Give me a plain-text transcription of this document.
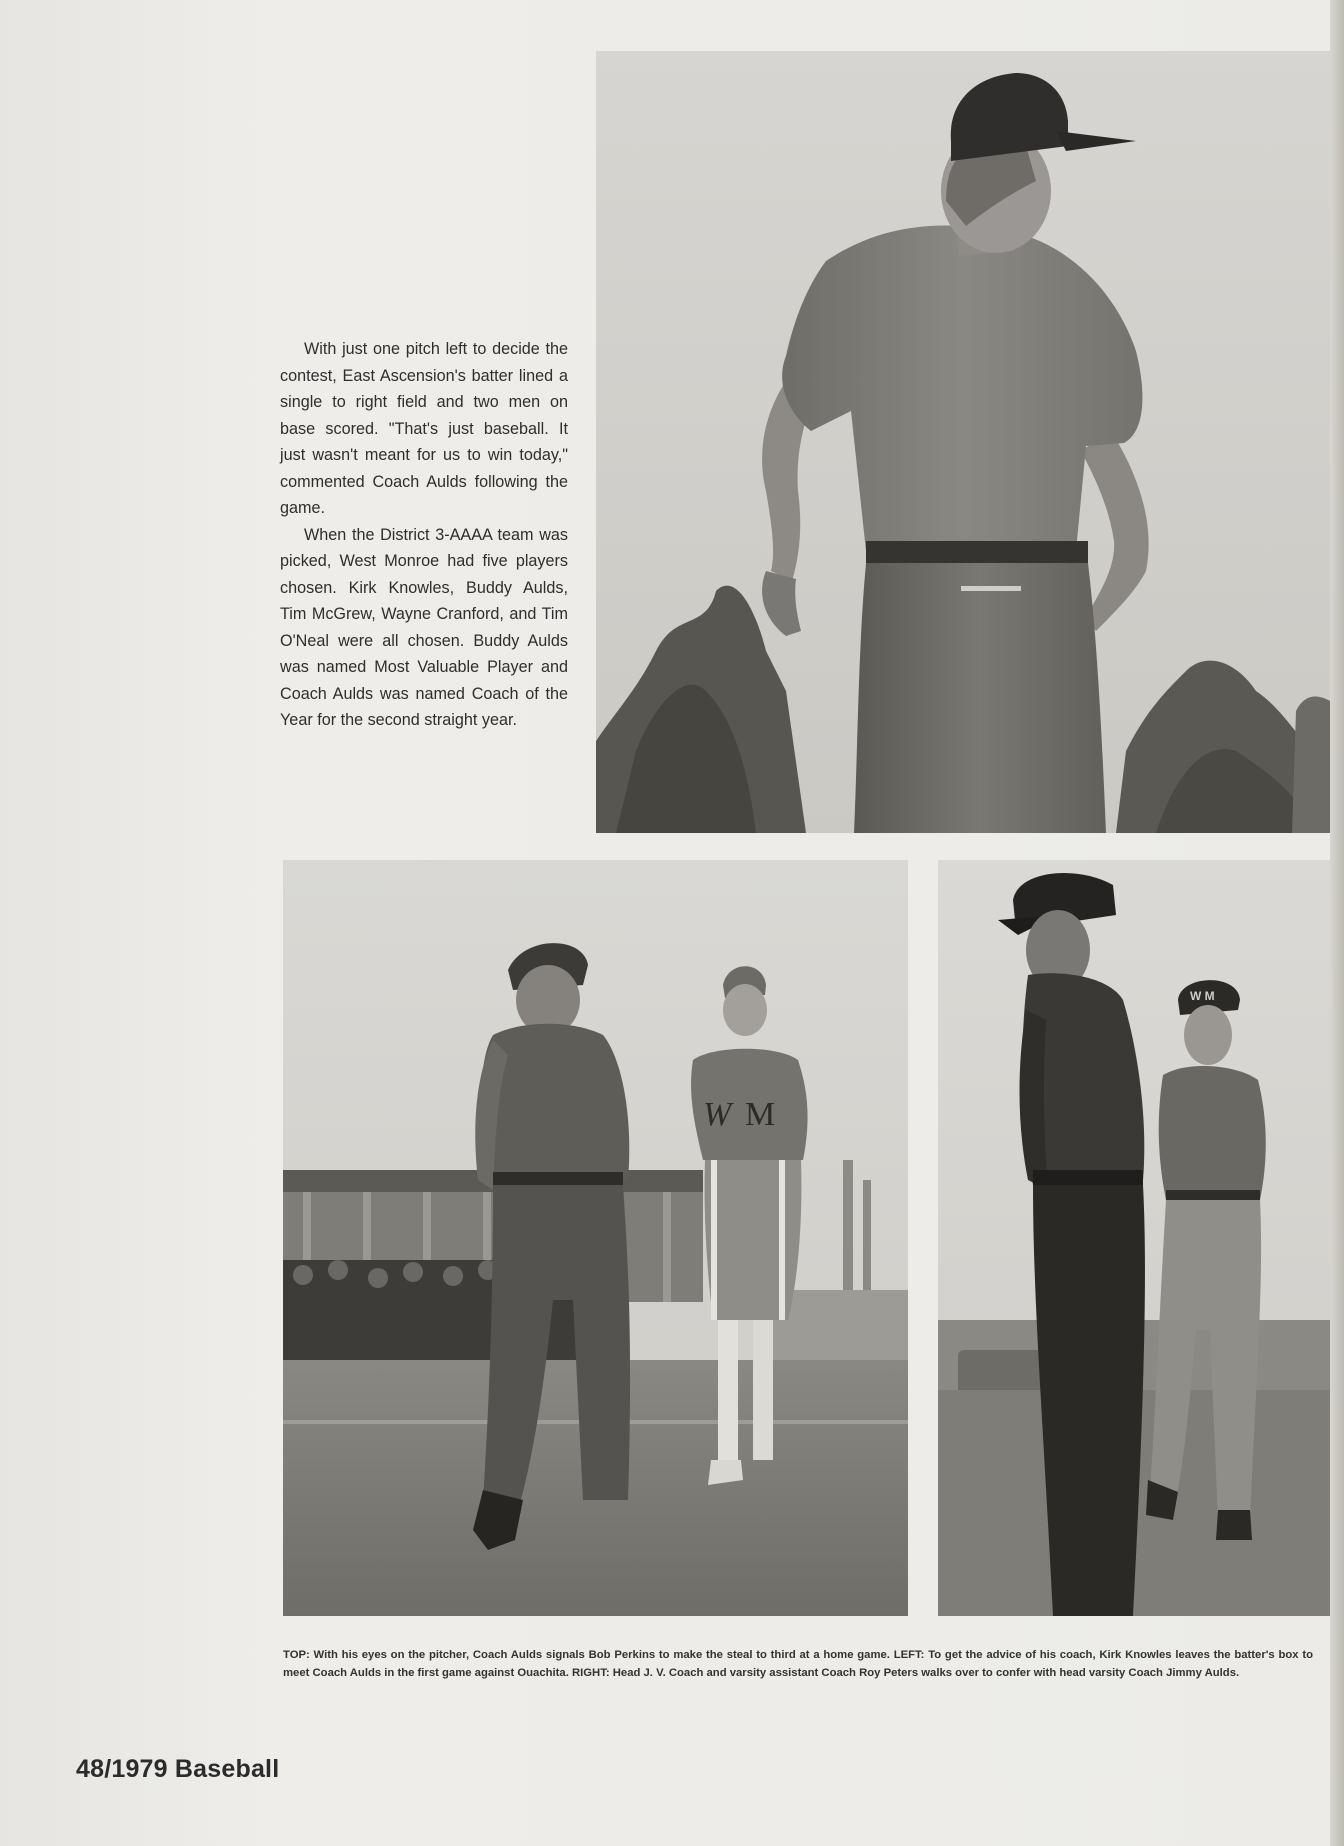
With just one pitch left to decide the contest, East Ascension's batter lined a single to right field and two men on base scored. "That's just baseball. It just wasn't meant for us to win today," commented Coach Aulds following the game.

When the District 3-AAAA team was picked, West Monroe had five players chosen. Kirk Knowles, Buddy Aulds, Tim McGrew, Wayne Cranford, and Tim O'Neal were all chosen. Buddy Aulds was named Most Valuable Player and Coach Aulds was named Coach of the Year for the second straight year.

W M
W M

TOP: With his eyes on the pitcher, Coach Aulds signals Bob Perkins to make the steal to third at a home game. LEFT: To get the advice of his coach, Kirk Knowles leaves the batter's box to meet Coach Aulds in the first game against Ouachita. RIGHT: Head J. V. Coach and varsity assistant Coach Roy Peters walks over to confer with head varsity Coach Jimmy Aulds.

48/1979 Baseball
